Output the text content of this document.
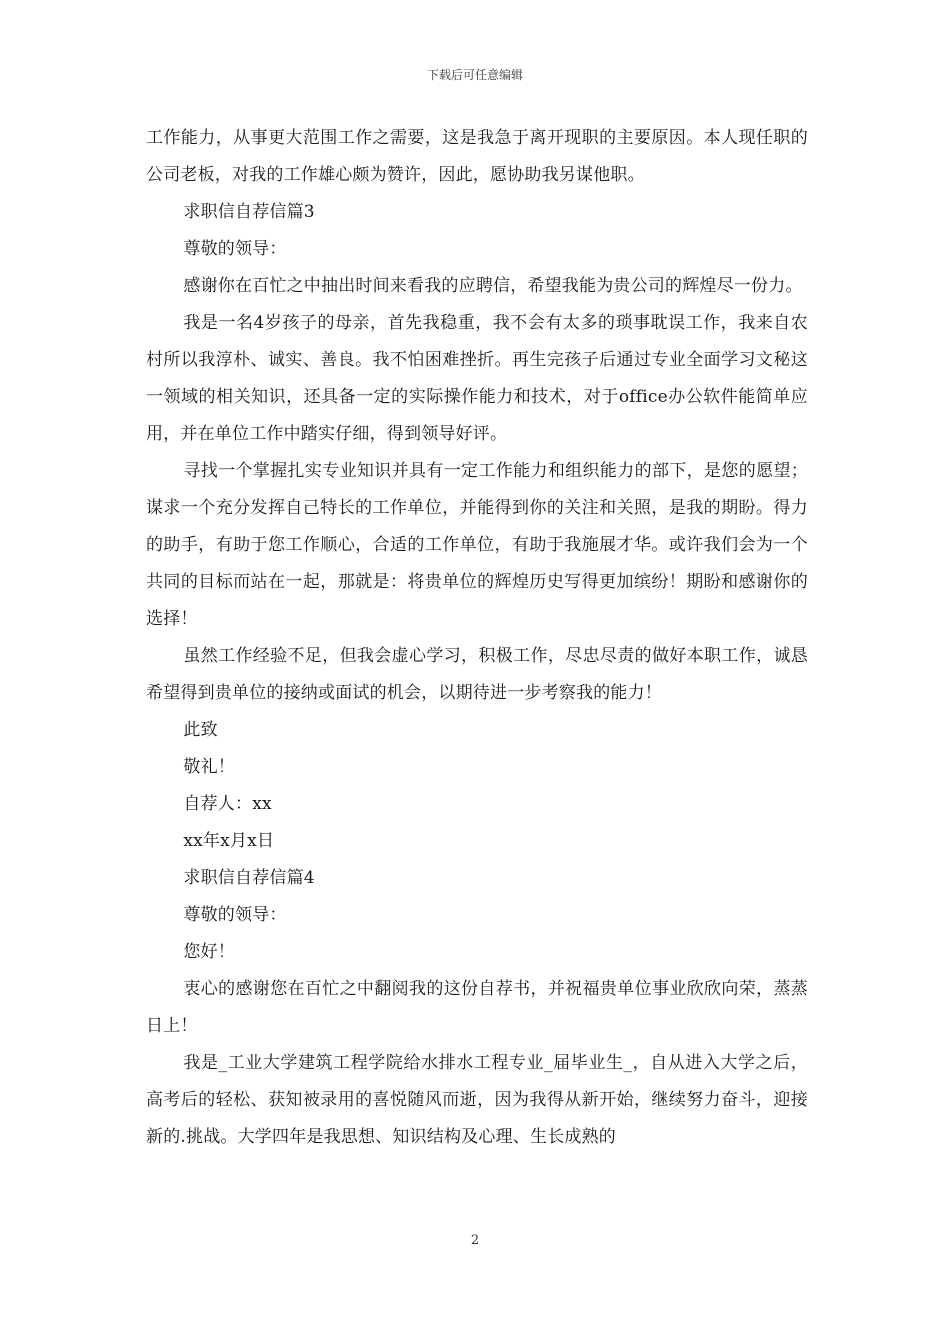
下载后可任意编辑

工作能力，从事更大范围工作之需要，这是我急于离开现职的主要原因。本人现任职的公司老板，对我的工作雄心颇为赞许，因此，愿协助我另谋他职。

求职信自荐信篇3

尊敬的领导：

感谢你在百忙之中抽出时间来看我的应聘信，希望我能为贵公司的辉煌尽一份力。

我是一名4岁孩子的母亲，首先我稳重，我不会有太多的琐事耽误工作，我来自农村所以我淳朴、诚实、善良。我不怕困难挫折。再生完孩子后通过专业全面学习文秘这一领域的相关知识，还具备一定的实际操作能力和技术，对于office办公软件能简单应用，并在单位工作中踏实仔细，得到领导好评。

寻找一个掌握扎实专业知识并具有一定工作能力和组织能力的部下，是您的愿望；谋求一个充分发挥自己特长的工作单位，并能得到你的关注和关照，是我的期盼。得力的助手，有助于您工作顺心，合适的工作单位，有助于我施展才华。或许我们会为一个共同的目标而站在一起，那就是：将贵单位的辉煌历史写得更加缤纷！期盼和感谢你的选择！

虽然工作经验不足，但我会虚心学习，积极工作，尽忠尽责的做好本职工作，诚恳希望得到贵单位的接纳或面试的机会，以期待进一步考察我的能力！

此致

敬礼！

自荐人：xx

xx年x月x日

求职信自荐信篇4

尊敬的领导：

您好！

衷心的感谢您在百忙之中翻阅我的这份自荐书，并祝福贵单位事业欣欣向荣，蒸蒸日上！

我是_工业大学建筑工程学院给水排水工程专业_届毕业生_，自从进入大学之后，高考后的轻松、获知被录用的喜悦随风而逝，因为我得从新开始，继续努力奋斗，迎接新的.挑战。大学四年是我思想、知识结构及心理、生长成熟的

2
